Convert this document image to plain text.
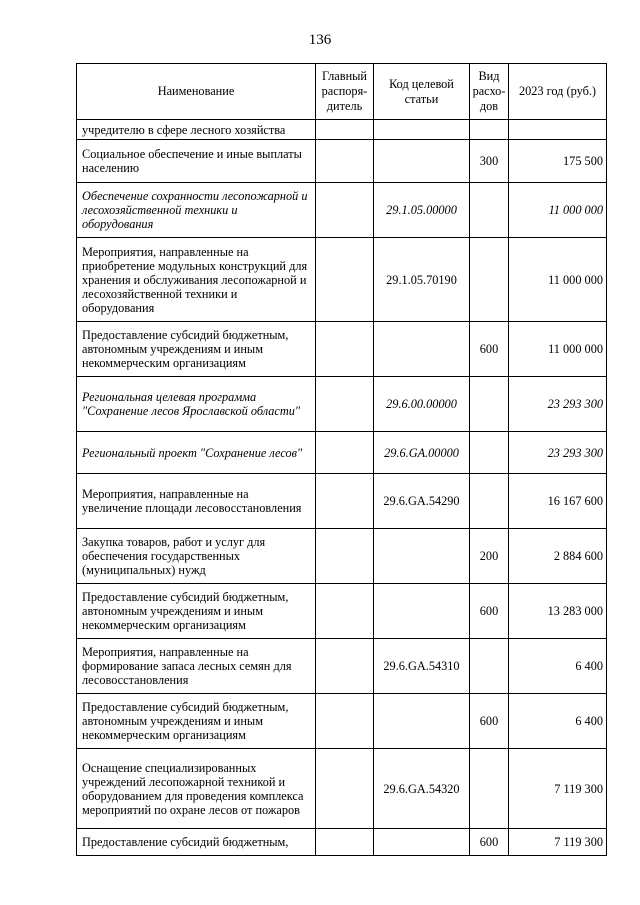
136
Наименование	Главный распоря-дитель	Код целевой статьи	Вид расхо-дов	2023 год (руб.)
учредителю в сфере лесного хозяйства				
Социальное обеспечение и иные выплаты населению			300	175 500
Обеспечение сохранности лесопожарной и лесохозяйственной техники и оборудования		29.1.05.00000		11 000 000
Мероприятия, направленные на приобретение модульных конструкций для хранения и обслуживания лесопожарной и лесохозяйственной техники и оборудования		29.1.05.70190		11 000 000
Предоставление субсидий бюджетным, автономным учреждениям и иным некоммерческим организациям			600	11 000 000
Региональная целевая программа "Сохранение лесов Ярославской области"		29.6.00.00000		23 293 300
Региональный проект "Сохранение лесов"		29.6.GA.00000		23 293 300
Мероприятия, направленные на увеличение площади лесовосстановления		29.6.GA.54290		16 167 600
Закупка товаров, работ и услуг для обеспечения государственных (муниципальных) нужд			200	2 884 600
Предоставление субсидий бюджетным, автономным учреждениям и иным некоммерческим организациям			600	13 283 000
Мероприятия, направленные на формирование запаса лесных семян для лесовосстановления		29.6.GA.54310		6 400
Предоставление субсидий бюджетным, автономным учреждениям и иным некоммерческим организациям			600	6 400
Оснащение специализированных учреждений лесопожарной техникой и оборудованием для проведения комплекса мероприятий по охране лесов от пожаров		29.6.GA.54320		7 119 300
Предоставление субсидий бюджетным,			600	7 119 300
